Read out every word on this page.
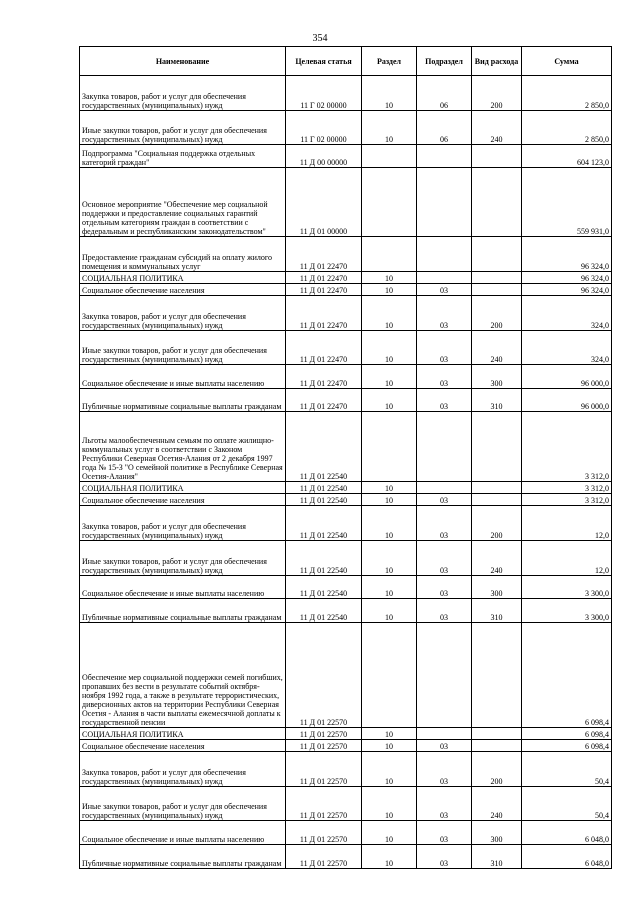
354
Наименование	Целевая статья	Раздел	Подраздел	Вид расхода	Сумма
Закупка товаров, работ и услуг для обеспечения государственных (муниципальных) нужд	11 Г 02 00000	10	06	200	2 850,0
Иные закупки товаров, работ и услуг для обеспечения государственных (муниципальных) нужд	11 Г 02 00000	10	06	240	2 850,0
Подпрограмма "Социальная поддержка отдельных категорий граждан"	11 Д 00 00000				604 123,0
Основное мероприятие "Обеспечение мер социальной поддержки и предоставление социальных гарантий отдельным категориям граждан в соответствии с федеральным и республиканским законодательством"	11 Д 01 00000				559 931,0
Предоставление гражданам субсидий на оплату жилого помещения и коммунальных услуг	11 Д 01 22470				96 324,0
СОЦИАЛЬНАЯ ПОЛИТИКА	11 Д 01 22470	10			96 324,0
Социальное обеспечение населения	11 Д 01 22470	10	03		96 324,0
Закупка товаров, работ и услуг для обеспечения государственных (муниципальных) нужд	11 Д 01 22470	10	03	200	324,0
Иные закупки товаров, работ и услуг для обеспечения государственных (муниципальных) нужд	11 Д 01 22470	10	03	240	324,0
Социальное обеспечение и иные выплаты населению	11 Д 01 22470	10	03	300	96 000,0
Публичные нормативные социальные выплаты гражданам	11 Д 01 22470	10	03	310	96 000,0
Льготы малообеспеченным семьям по оплате жилищно-коммунальных услуг в соответствии с Законом Республики Северная Осетия-Алания от 2 декабря 1997 года № 15-З "О семейной политике в Республике Северная Осетия-Алания"	11 Д 01 22540				3 312,0
СОЦИАЛЬНАЯ ПОЛИТИКА	11 Д 01 22540	10			3 312,0
Социальное обеспечение населения	11 Д 01 22540	10	03		3 312,0
Закупка товаров, работ и услуг для обеспечения государственных (муниципальных) нужд	11 Д 01 22540	10	03	200	12,0
Иные закупки товаров, работ и услуг для обеспечения государственных (муниципальных) нужд	11 Д 01 22540	10	03	240	12,0
Социальное обеспечение и иные выплаты населению	11 Д 01 22540	10	03	300	3 300,0
Публичные нормативные социальные выплаты гражданам	11 Д 01 22540	10	03	310	3 300,0
Обеспечение мер социальной поддержки семей погибших, пропавших без вести в результате событий октября-ноября 1992 года, а также в результате террористических, диверсионных актов на территории Республики Северная Осетия - Алания в части выплаты ежемесячной доплаты к государственной пенсии	11 Д 01 22570				6 098,4
СОЦИАЛЬНАЯ ПОЛИТИКА	11 Д 01 22570	10			6 098,4
Социальное обеспечение населения	11 Д 01 22570	10	03		6 098,4
Закупка товаров, работ и услуг для обеспечения государственных (муниципальных) нужд	11 Д 01 22570	10	03	200	50,4
Иные закупки товаров, работ и услуг для обеспечения государственных (муниципальных) нужд	11 Д 01 22570	10	03	240	50,4
Социальное обеспечение и иные выплаты населению	11 Д 01 22570	10	03	300	6 048,0
Публичные нормативные социальные выплаты гражданам	11 Д 01 22570	10	03	310	6 048,0
